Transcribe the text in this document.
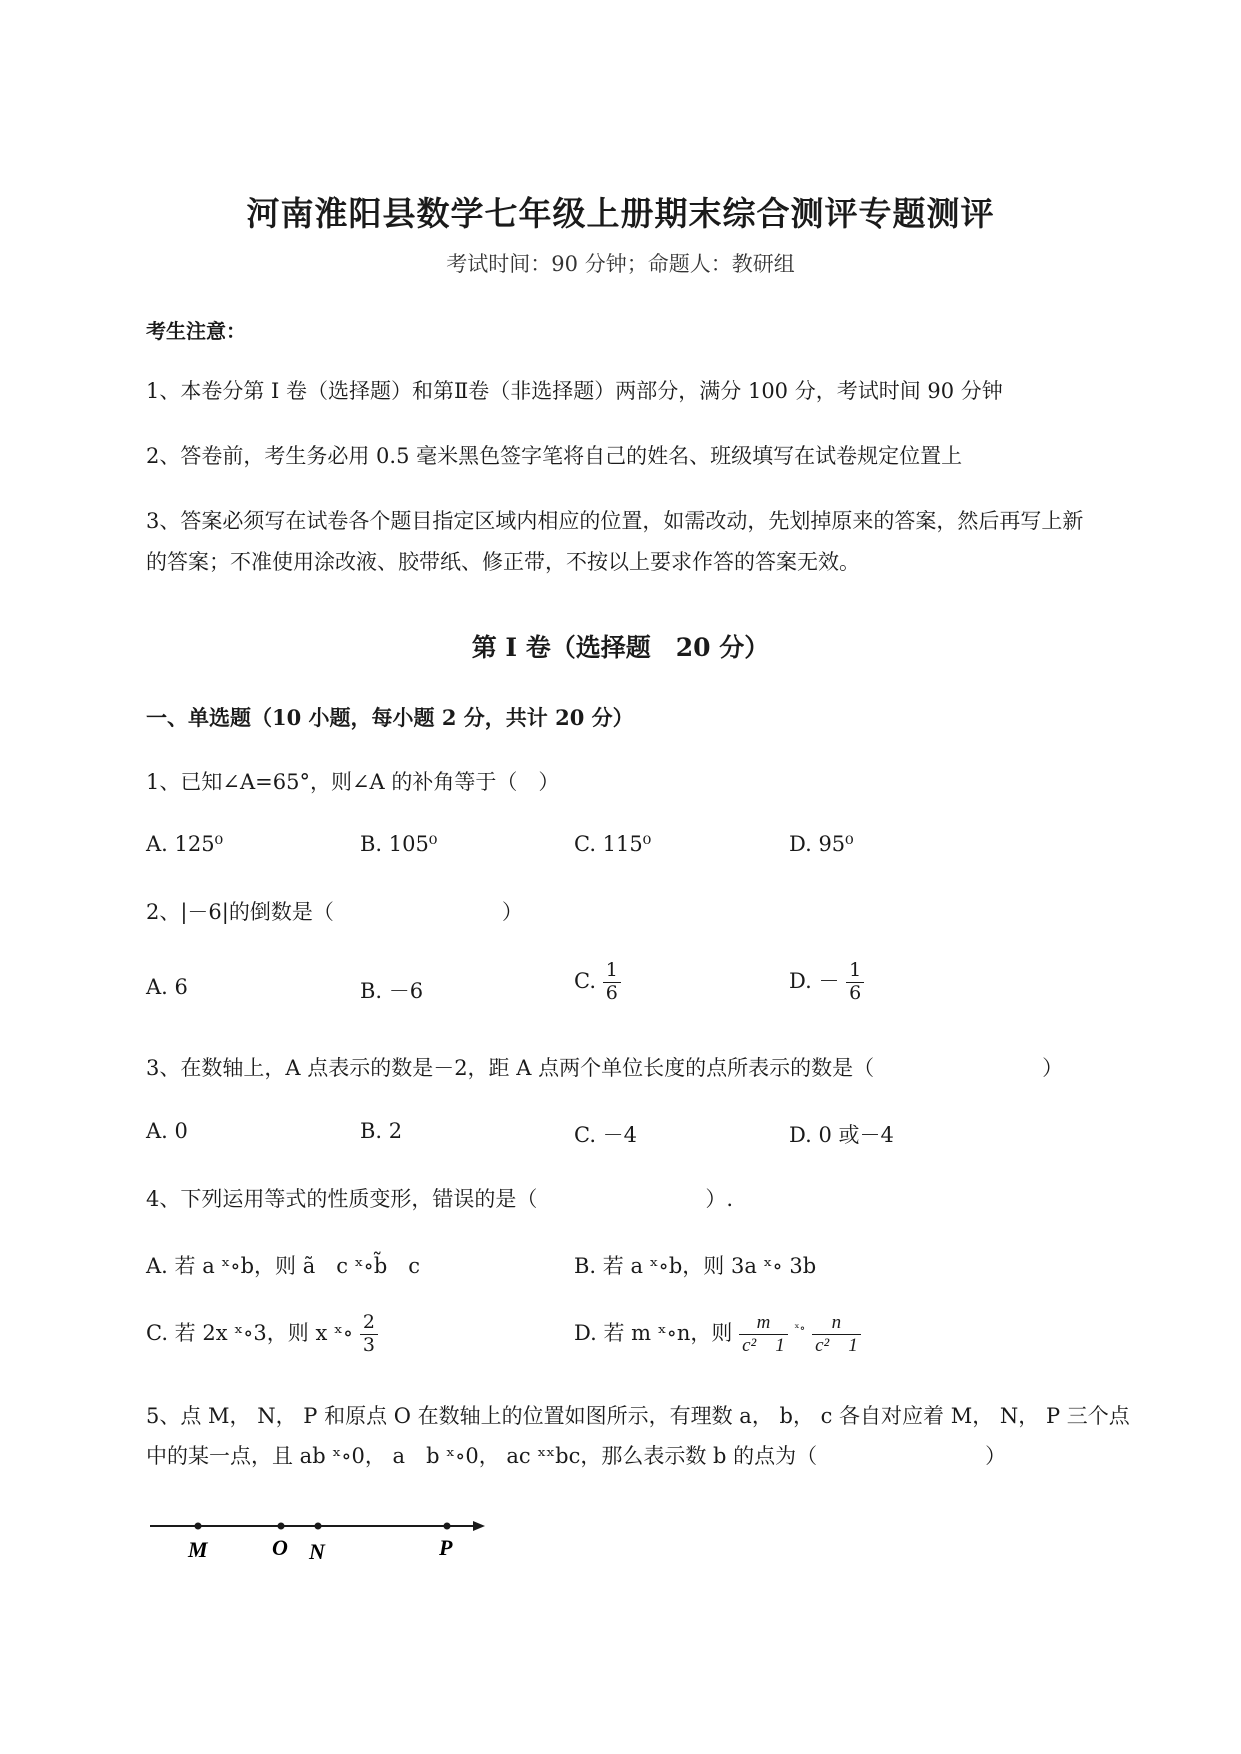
河南淮阳县数学七年级上册期末综合测评专题测评
考试时间：90 分钟；命题人：教研组
考生注意：
1、本卷分第 I 卷（选择题）和第Ⅱ卷（非选择题）两部分，满分 100 分，考试时间 90 分钟
2、答卷前，考生务必用 0.5 毫米黑色签字笔将自己的姓名、班级填写在试卷规定位置上
3、答案必须写在试卷各个题目指定区域内相应的位置，如需改动，先划掉原来的答案，然后再写上新
的答案；不准使用涂改液、胶带纸、修正带，不按以上要求作答的答案无效。
第 I 卷（选择题　20 分）
一、单选题（10 小题，每小题 2 分，共计 20 分）
1、已知∠A=65°，则∠A 的补角等于（　）
A. 125⁰	B. 105⁰	C. 115⁰	D. 95⁰
2、|－6|的倒数是（　　　　　　　　）
A. 6	B. －6	C. $\frac{1}{6}$	D. － $\frac{1}{6}$
3、在数轴上，A 点表示的数是－2，距 A 点两个单位长度的点所表示的数是（　　　　　　　　）
A. 0	B. 2	C. －4	D. 0 或－4
4、下列运用等式的性质变形，错误的是（　　　　　　　　）.
A. 若 a ˣ∘b，则 ã　c ˣ∘b̃　c	B. 若 a ˣ∘b，则 3a ˣ∘ 3b
C. 若 2x ˣ∘3，则 x ˣ∘ $\frac{2}{3}$	D. 若 m ˣ∘n，则 $\frac{m}{\text{c²　1}} ^{ˣ\circ} \frac{n}{\text{c²　1}}$
5、点 M， N， P 和原点 O 在数轴上的位置如图所示，有理数 a， b， c 各自对应着 M， N， P 三个点
中的某一点，且 ab ˣ∘0， a　b ˣ∘0， ac ˣˣbc，那么表示数 b 的点为（　　　　　　　　）
M	O N	P
